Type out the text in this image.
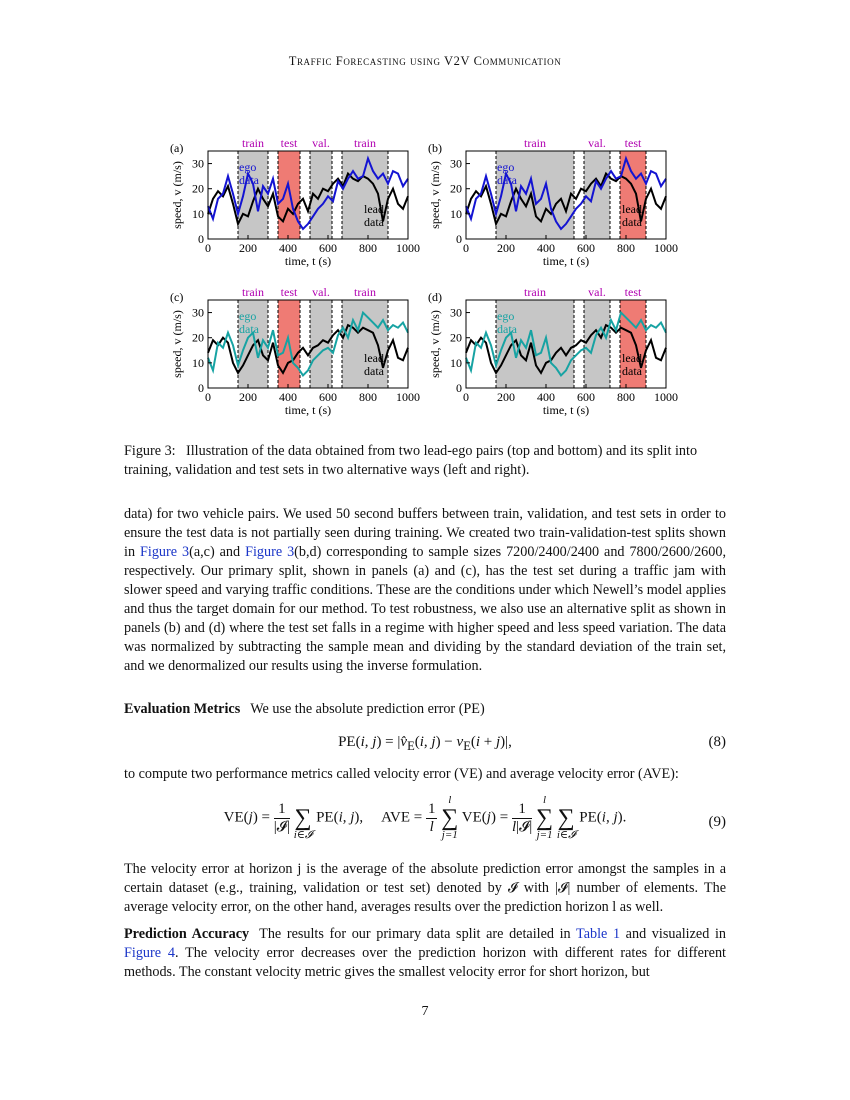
Traffic Forecasting using V2V Communication
train test val. train
0 200 400 600 800 1000
0
10
20
30
time, t (s)
speed, v (m/s)
(a)
ego
data
lead
data
train	val. test
0 200 400 600 800 1000
0
10
20
30
time, t (s)
speed, v (m/s)
(b)
ego
data
lead
data
train test val. train
0 200 400 600 800 1000
0
10
20
30
time, t (s)
speed, v (m/s)
(c)
ego
data
lead
data
train	val. test
0 200 400 600 800 1000
0
10
20
30
time, t (s)
speed, v (m/s)
(d)
ego
data
lead
data
Figure 3: Illustration of the data obtained from two lead-ego pairs (top and bottom) and its split into training, validation and test sets in two alternative ways (left and right).
data) for two vehicle pairs. We used 50 second buffers between train, validation, and test sets in order to ensure the test data is not partially seen during training. We created two train-validation-test splits shown in Figure 3(a,c) and Figure 3(b,d) corresponding to sample sizes 7200/2400/2400 and 7800/2600/2600, respectively. Our primary split, shown in panels (a) and (c), has the test set during a traffic jam with slower speed and varying traffic conditions. These are the conditions under which Newell’s model applies and thus the target domain for our method. To test robustness, we also use an alternative split as shown in panels (b) and (d) where the test set falls in a regime with higher speed and less speed variation. The data was normalized by subtracting the sample mean and dividing by the standard deviation of the train set, and we denormalized our results using the inverse formulation.
Evaluation Metrics We use the absolute prediction error (PE)
PE(i, $j) = |v̂_E(i$, $j) - v_E(i + j)|$,	(8)
to compute two performance metrics called velocity error (VE) and average velocity error (AVE):
$VE(j) = \frac{1}{\text{|𝓘|}}$

∑
i∈𝓘
PE(i, j),     AVE = $\frac{1}{l}$

l
∑
j=1
$VE(j) = \frac{1}{\text{l|𝓘|}}$

l
∑
j=1

∑
i∈𝓘
PE(i, j).	(9)
The velocity error at horizon j is the average of the absolute prediction error amongst the samples in a certain dataset (e.g., training, validation or test set) denoted by 𝓘 with |𝓘| number of elements. The average velocity error, on the other hand, averages results over the prediction horizon l as well.
Prediction Accuracy The results for our primary data split are detailed in Table 1 and visualized in Figure 4. The velocity error decreases over the prediction horizon with different rates for different methods. The constant velocity metric gives the smallest velocity error for short horizon, but
7
